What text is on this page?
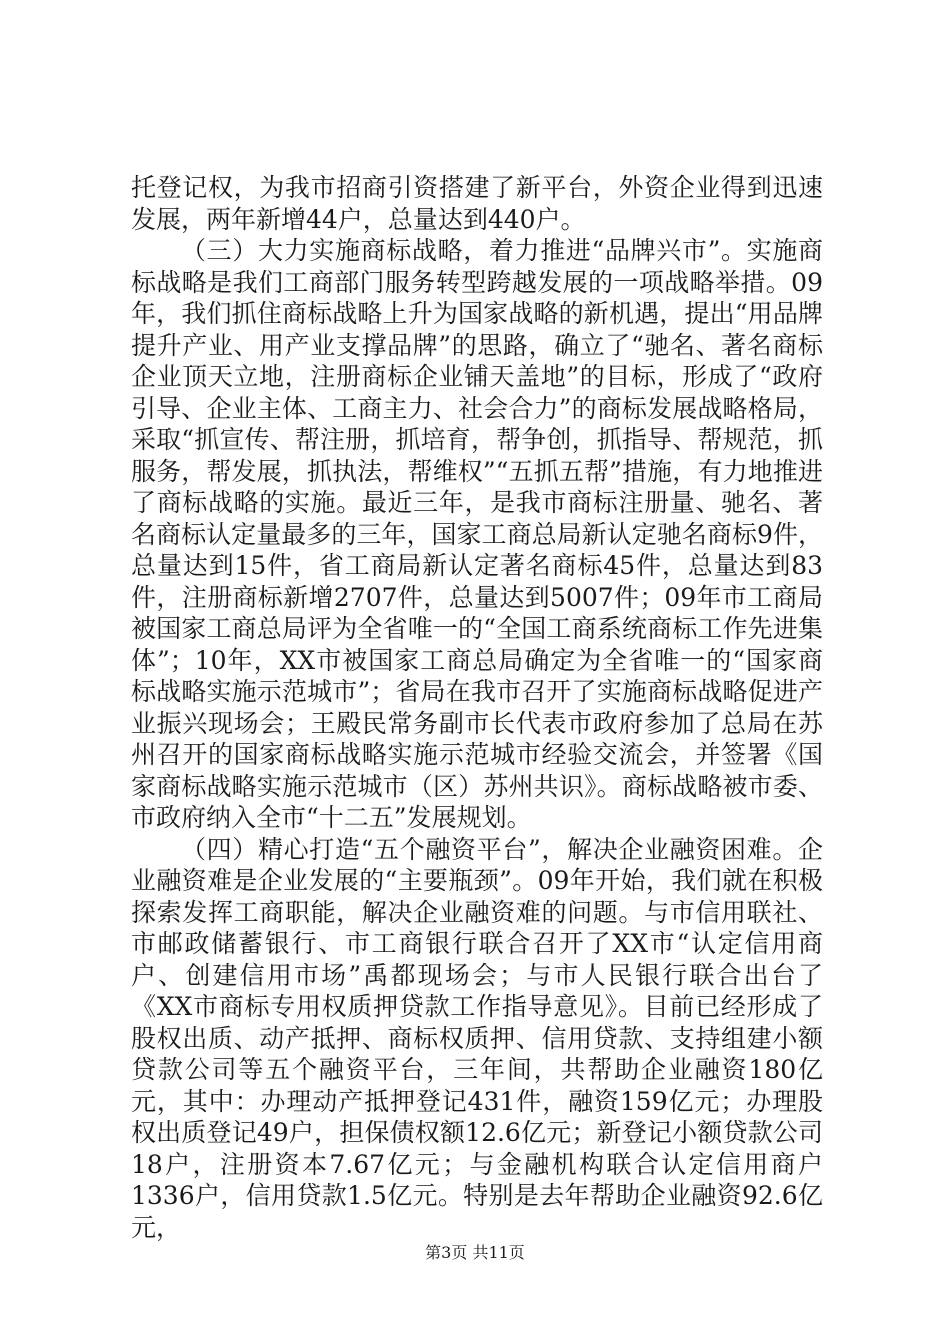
托登记权，为我市招商引资搭建了新平台，外资企业得到迅速发展，两年新增44户，总量达到440户。

（三）大力实施商标战略，着力推进“品牌兴市”。实施商标战略是我们工商部门服务转型跨越发展的一项战略举措。09年，我们抓住商标战略上升为国家战略的新机遇，提出“用品牌提升产业、用产业支撑品牌”的思路，确立了“驰名、著名商标企业顶天立地，注册商标企业铺天盖地”的目标，形成了“政府引导、企业主体、工商主力、社会合力”的商标发展战略格局，采取“抓宣传、帮注册，抓培育，帮争创，抓指导、帮规范，抓服务，帮发展，抓执法，帮维权”“五抓五帮”措施，有力地推进了商标战略的实施。最近三年，是我市商标注册量、驰名、著名商标认定量最多的三年，国家工商总局新认定驰名商标9件，总量达到15件，省工商局新认定著名商标45件，总量达到83件，注册商标新增2707件，总量达到5007件；09年市工商局被国家工商总局评为全省唯一的“全国工商系统商标工作先进集体”；10年，XX市被国家工商总局确定为全省唯一的“国家商标战略实施示范城市”；省局在我市召开了实施商标战略促进产业振兴现场会；王殿民常务副市长代表市政府参加了总局在苏州召开的国家商标战略实施示范城市经验交流会，并签署《国家商标战略实施示范城市（区）苏州共识》。商标战略被市委、市政府纳入全市“十二五”发展规划。

（四）精心打造“五个融资平台”，解决企业融资困难。企业融资难是企业发展的“主要瓶颈”。09年开始，我们就在积极探索发挥工商职能，解决企业融资难的问题。与市信用联社、市邮政储蓄银行、市工商银行联合召开了XX市“认定信用商户、创建信用市场”禹都现场会；与市人民银行联合出台了《XX市商标专用权质押贷款工作指导意见》。目前已经形成了股权出质、动产抵押、商标权质押、信用贷款、支持组建小额贷款公司等五个融资平台，三年间，共帮助企业融资180亿元，其中：办理动产抵押登记431件，融资159亿元；办理股权出质登记49户，担保债权额12.6亿元；新登记小额贷款公司18户，注册资本7.67亿元；与金融机构联合认定信用商户1336户，信用贷款1.5亿元。特别是去年帮助企业融资92.6亿元，

第3页 共11页
